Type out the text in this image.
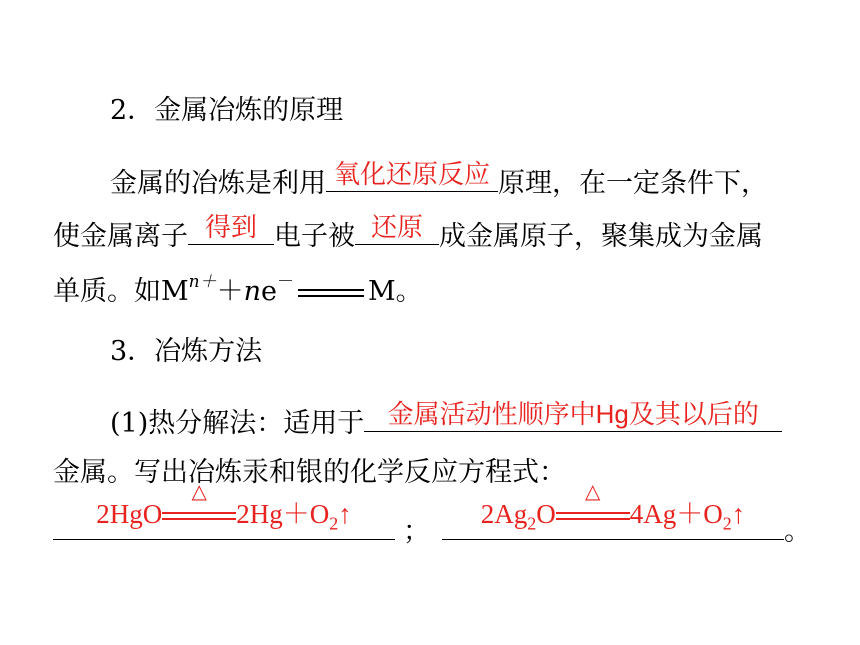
2．金属冶炼的原理
金属的冶炼是利用 氧化还原反应 原理，在一定条件下，
使金属离子 得到 电子被 还原 成金属原子，聚集成为金属
单质。如$M^{n+}+ne^-$	M。
3．冶炼方法
(1)热分解法：适用于 金属活动性顺序中Hg及其以后的
金属。写出冶炼汞和银的化学反应方程式：
2HgO
△
$2Hg+O_2↑$
；
$2Ag_2O$
△
$4Ag+O_2↑$
。
